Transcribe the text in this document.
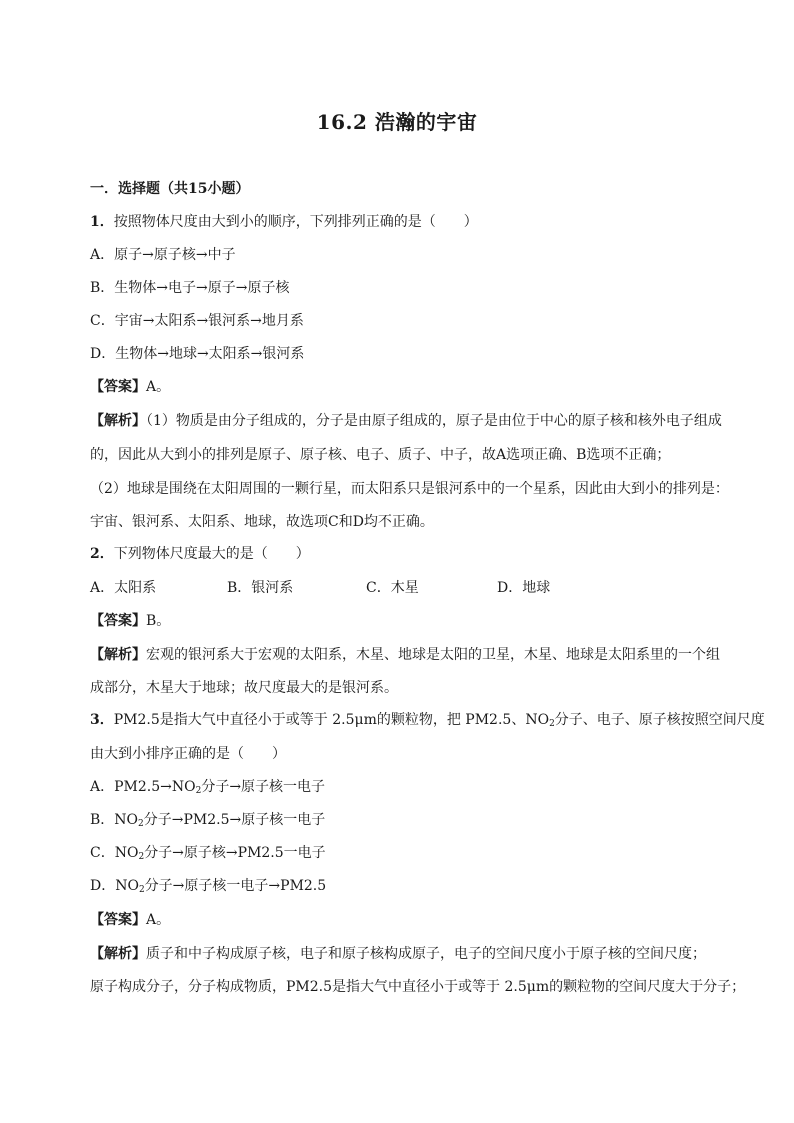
16.2 浩瀚的宇宙
一．选择题（共15小题）
1．按照物体尺度由大到小的顺序，下列排列正确的是（　　）
A．原子→原子核→中子
B．生物体→电子→原子→原子核
C．宇宙→太阳系→银河系→地月系
D．生物体→地球→太阳系→银河系
【答案】A。
【解析】（1）物质是由分子组成的，分子是由原子组成的，原子是由位于中心的原子核和核外电子组成
的，因此从大到小的排列是原子、原子核、电子、质子、中子，故A选项正确、B选项不正确；
（2）地球是围绕在太阳周围的一颗行星，而太阳系只是银河系中的一个星系，因此由大到小的排列是：
宇宙、银河系、太阳系、地球，故选项C和D均不正确。
2．下列物体尺度最大的是（　　）
A．太阳系	B．银河系	C．木星	D．地球
【答案】B。
【解析】宏观的银河系大于宏观的太阳系，木星、地球是太阳的卫星，木星、地球是太阳系里的一个组
成部分，木星大于地球；故尺度最大的是银河系。
3．PM2.5是指大气中直径小于或等于 2.5μm的颗粒物，把 PM2.5、$NO_2$分子、电子、原子核按照空间尺度
由大到小排序正确的是（　　）
A．$PM2.5\to NO_2$分子→原子核一电子
B．$NO_2$分子→PM2.5→原子核一电子
C．$NO_2$分子→原子核→PM2.5一电子
D．$NO_2$分子→原子核一电子→PM2.5
【答案】A。
【解析】质子和中子构成原子核，电子和原子核构成原子，电子的空间尺度小于原子核的空间尺度；
原子构成分子，分子构成物质，PM2.5是指大气中直径小于或等于 2.5μm的颗粒物的空间尺度大于分子；
